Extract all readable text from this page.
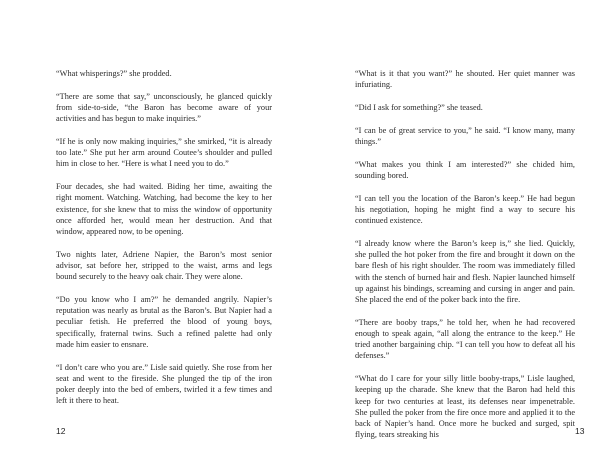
“What whisperings?” she prodded.

“There are some that say,” unconsciously, he glanced quickly from side-to-side, “the Baron has become aware of your activities and has begun to make inquiries.”

“If he is only now making inquiries,” she smirked, “it is already too late.” She put her arm around Coutee’s shoulder and pulled him in close to her. “Here is what I need you to do.”

Four decades, she had waited. Biding her time, awaiting the right moment. Watching. Watching, had become the key to her existence, for she knew that to miss the window of opportunity once afforded her, would mean her destruction. And that window, appeared now, to be opening.

Two nights later, Adriene Napier, the Baron’s most senior advisor, sat before her, stripped to the waist, arms and legs bound securely to the heavy oak chair. They were alone.

“Do you know who I am?” he demanded angrily. Napier’s reputation was nearly as brutal as the Baron’s. But Napier had a peculiar fetish. He preferred the blood of young boys, specifically, fraternal twins. Such a refined palette had only made him easier to ensnare.

“I don’t care who you are.” Lisle said quietly. She rose from her seat and went to the fireside. She plunged the tip of the iron poker deeply into the bed of embers, twirled it a few times and left it there to heat.

12

“What is it that you want?” he shouted. Her quiet manner was infuriating.

“Did I ask for something?” she teased.

“I can be of great service to you,” he said. “I know many, many things.”

“What makes you think I am interested?” she chided him, sounding bored.

“I can tell you the location of the Baron’s keep.” He had begun his negotiation, hoping he might find a way to secure his continued existence.

“I already know where the Baron’s keep is,” she lied. Quickly, she pulled the hot poker from the fire and brought it down on the bare flesh of his right shoulder. The room was immediately filled with the stench of burned hair and flesh. Napier launched himself up against his bindings, screaming and cursing in anger and pain. She placed the end of the poker back into the fire.

“There are booby traps,” he told her, when he had recovered enough to speak again, “all along the entrance to the keep.” He tried another bargaining chip. “I can tell you how to defeat all his defenses.”

“What do I care for your silly little booby-traps,” Lisle laughed, keeping up the charade. She knew that the Baron had held this keep for two centuries at least, its defenses near impenetrable. She pulled the poker from the fire once more and applied it to the back of Napier’s hand. Once more he bucked and surged, spit flying, tears streaking his	13
